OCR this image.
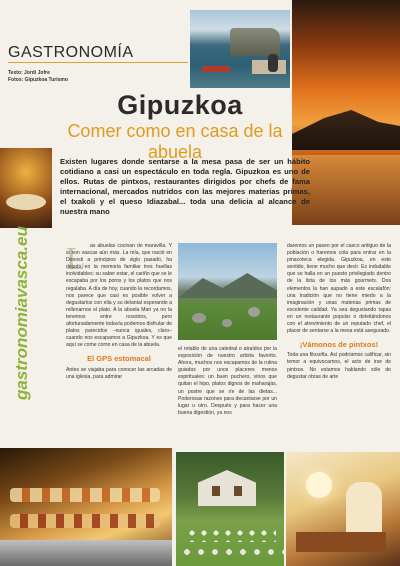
GASTRONOMÍA
Texto: Jordi Jofre
Fotos: Gipuzkoa Turismo
Gipuzkoa
Comer como en casa de la abuela
Existen lugares donde sentarse a la mesa pasa de ser un hábito cotidiano a casi un espectáculo en toda regla. Gipuzkoa es uno de ellos. Rutas de pintxos, restaurantes dirigidos por chefs de fama internacional, mercados nutridos con las mejores materias primas, el txakoli y el queso Idiazabal... toda una delicia al alcance de nuestra mano
gastronomiavasca.eu L as abuelas cocinan de maravilla. Y si son vascas aún más. La mía, que nació en Donosti a principios de siglo pasado, ha dejado en la memoria familiar tres huellas inolvidables: su saber estar, el cariño que se le escapaba por los poros y los platos que nos regalaba. A día de hoy, cuando la recordamos, nos parece que casi es posible volver a degustarlos con ella y su delantal esperando a rellenarnos el plato. A la abuela Mari ya no la tenemos entre nosotros, pero afortunadamente todavía podemos disfrutar de platos parecidos –nunca iguales, claro– cuando nos escapamos a Gipuzkoa. Y es que aquí se come como en casa de la abuela.

El GPS estomacal

Antes se viajaba para conocer las arcadas de una iglesia, para admirar

el retablo de una catedral o atraídos por la exposición de nuestro artista favorito. Ahora, muchos nos escapamos de la rutina guiados por unos placeres menos espirituales: un buen puchero, vinos que quitan el hipo, platos dignos de maharajás, un postre que se ríe de las dietas... Poderosas razones para decantarse por un lugar u otro. Después y para hacer una buena digestión, ya nos

daremos un paseo por el casco antiguo de la población o haremos cola para entrar en la pinacoteca elegida. Gipuzkoa, en este sentido, tiene mucho que decir. Es indudable que se halla en un puesto privilegiado dentro de la lista de los más gourmets. Dos elementos la han aupado a este escalafón: una tradición que no tiene miedo a la imaginación y unas materias primas de excelente calidad. Ya sea degustando tapas en un restaurante popular o deleitándonos con el atrevimiento de un reputado chef, el placer de sentarse a la mesa está asegurado.

¡Vámonos de pintxos!

Toda una filosofía. Así podríamos calificar, sin temor a equivocarnos, el acto de irse de pintxos. No estamos hablando sólo de degustar obras de arte
